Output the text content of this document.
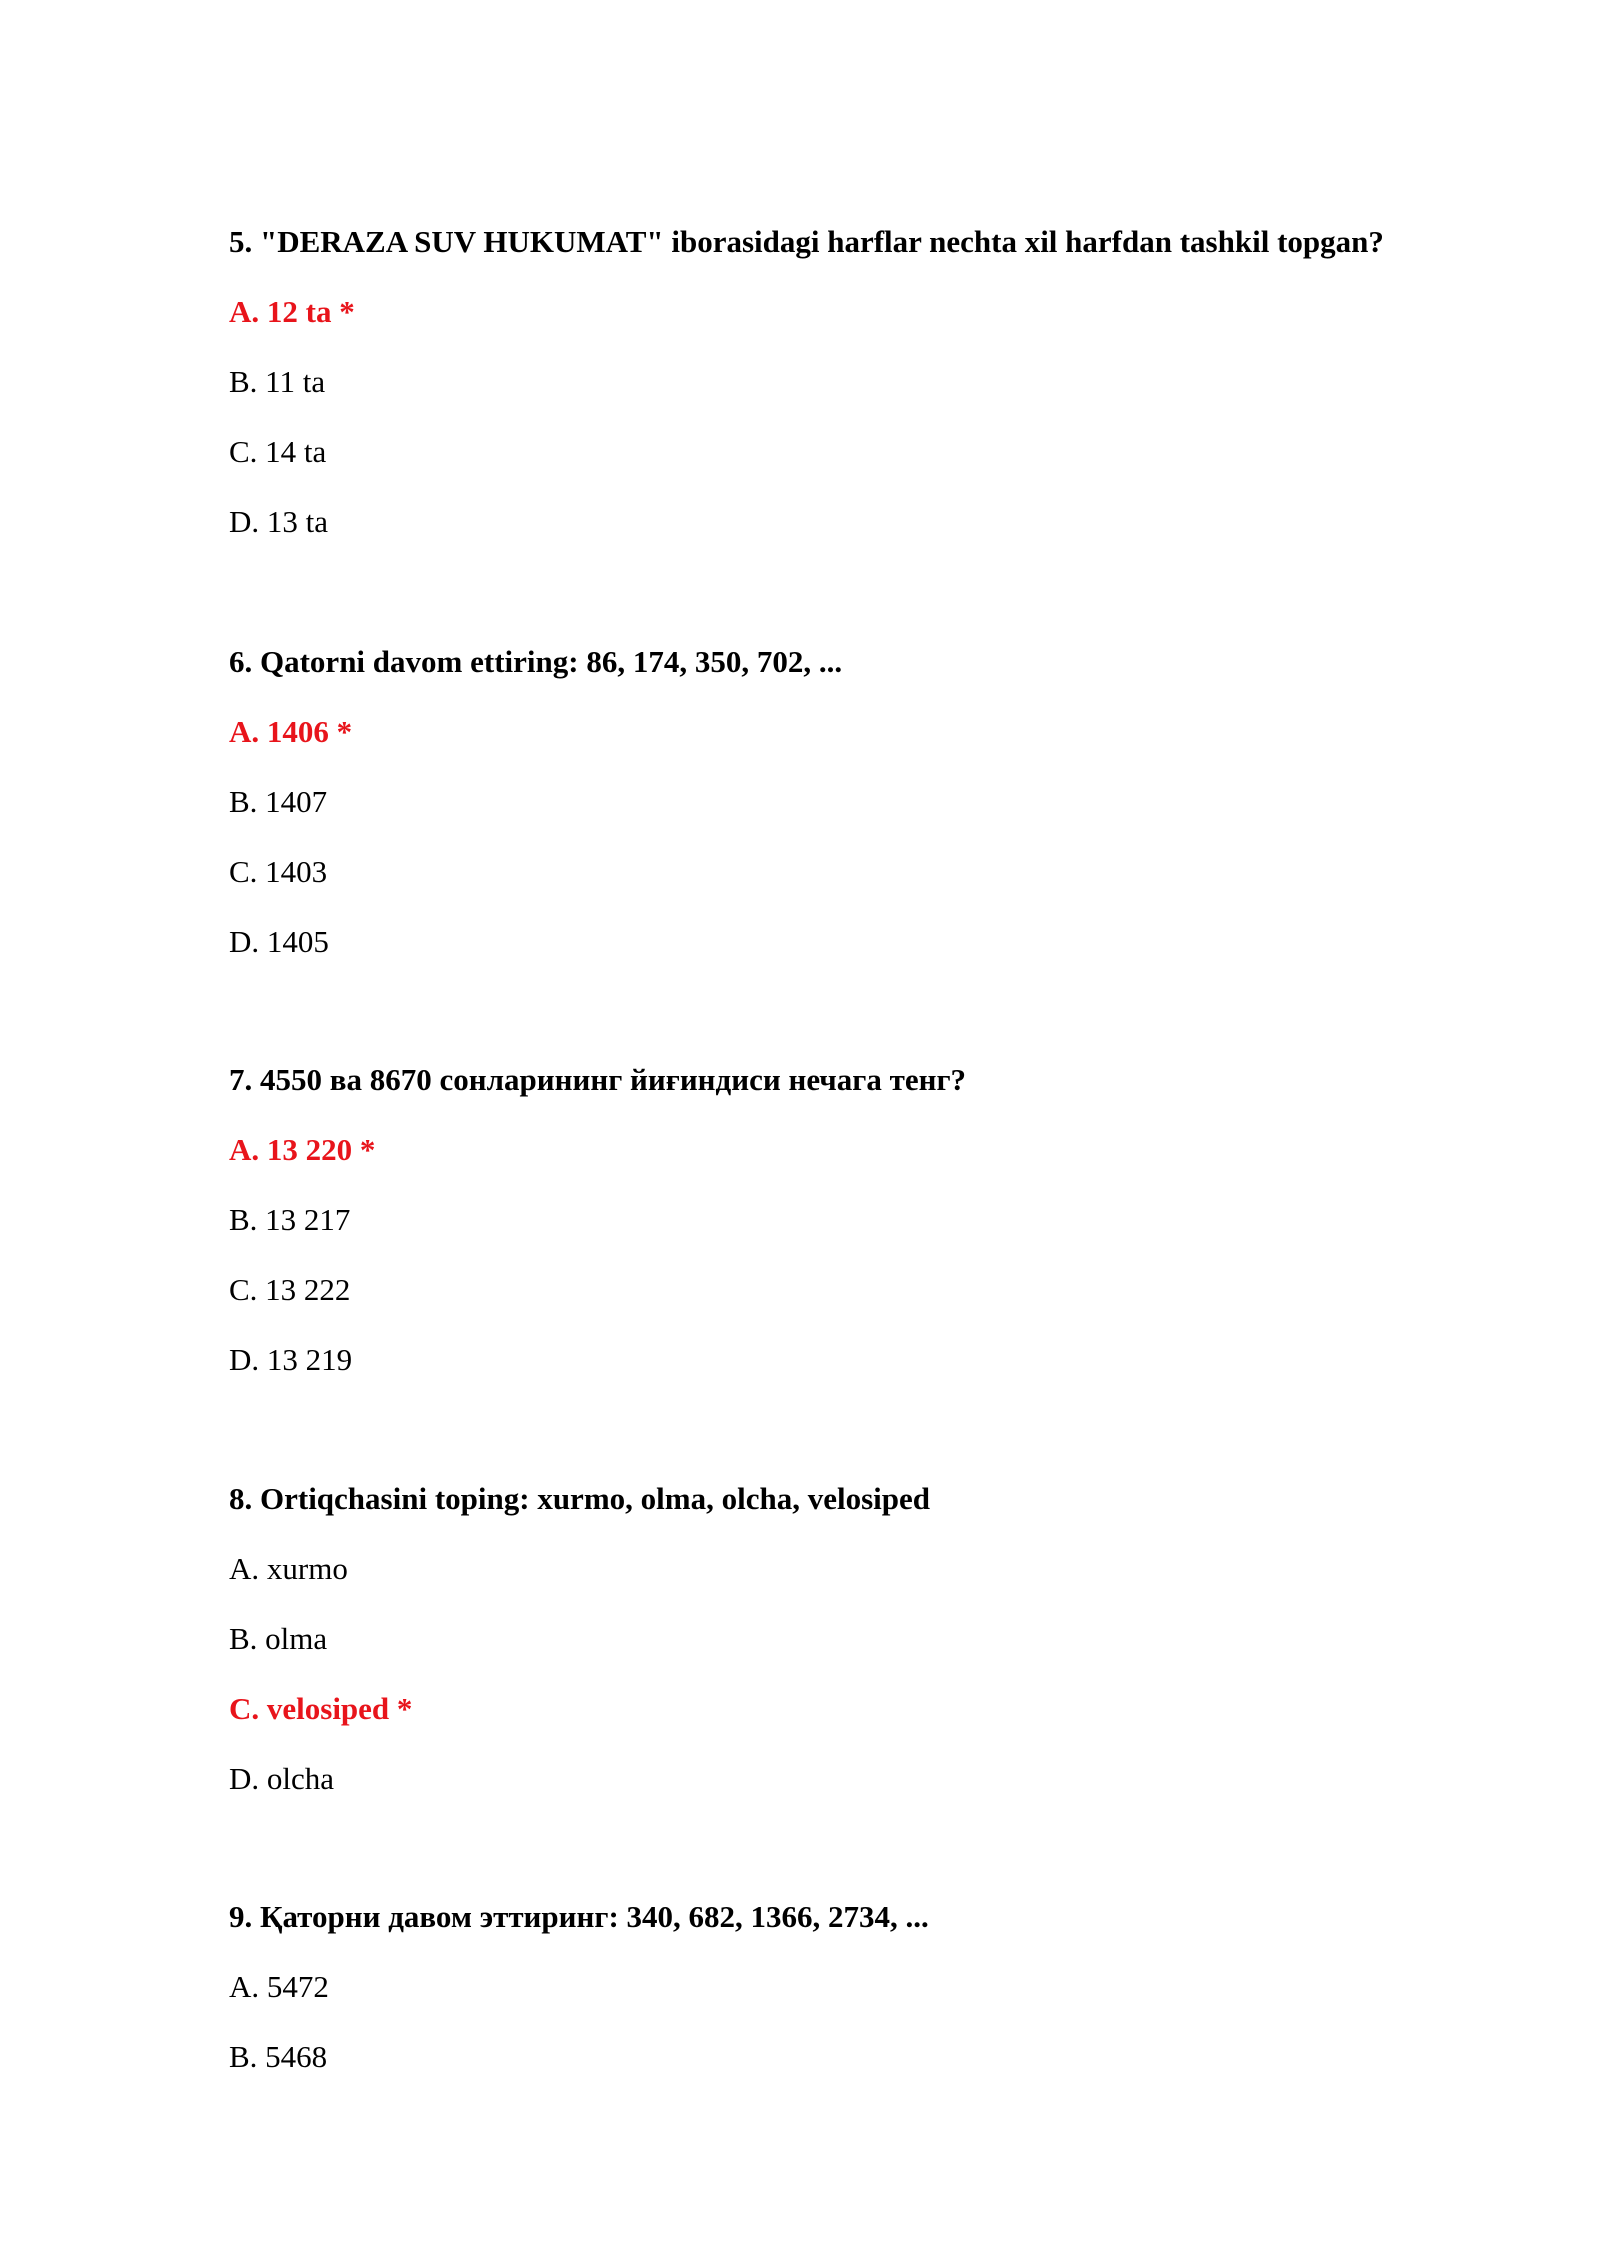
5. "DERAZA SUV HUKUMAT" iborasidagi harflar nechta xil harfdan tashkil topgan?
A. 12 ta *
B. 11 ta
C. 14 ta
D. 13 ta
6. Qatorni davom ettiring: 86, 174, 350, 702, ...
A. 1406 *
B. 1407
C. 1403
D. 1405
7. 4550 ва 8670 сонларининг йиғиндиси нечага тенг?
A. 13 220 *
B. 13 217
C. 13 222
D. 13 219
8. Ortiqchasini toping: xurmo, olma, olcha, velosiped
A. xurmo
B. olma
C. velosiped *
D. olcha
9. Қаторни давом эттиринг: 340, 682, 1366, 2734, ...
A. 5472
B. 5468
